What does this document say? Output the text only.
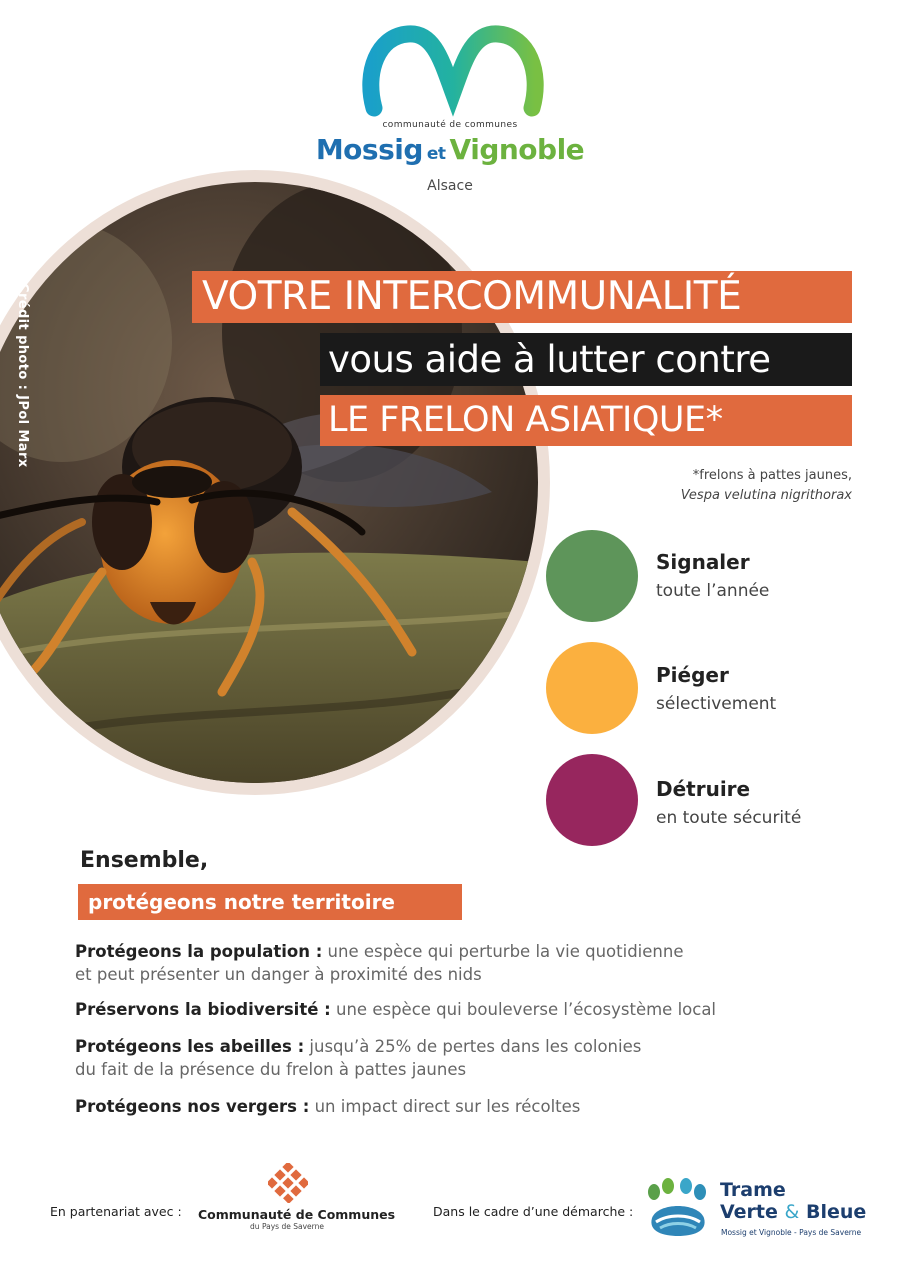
communauté de communes
Mossig et Vignoble
Alsace
Crédit photo : JPol Marx	VOTRE INTERCOMMUNALITÉ
vous aide à lutter contre
LE FRELON ASIATIQUE*
*frelons à pattes jaunes,
Vespa velutina nigrithorax
Signaler
toute l’année
Piéger
sélectivement
Détruire
en toute sécurité
Ensemble,
protégeons notre territoire
Protégeons la population : une espèce qui perturbe la vie quotidienne
et peut présenter un danger à proximité des nids
Préservons la biodiversité : une espèce qui bouleverse l’écosystème local
Protégeons les abeilles : jusqu’à 25% de pertes dans les colonies
du fait de la présence du frelon à pattes jaunes
Protégeons nos vergers : un impact direct sur les récoltes
En partenariat avec : Communauté de Communes
du Pays de Saverne
Dans le cadre d’une démarche :
Trame
Verte & Bleue
Mossig et Vignoble - Pays de Saverne
